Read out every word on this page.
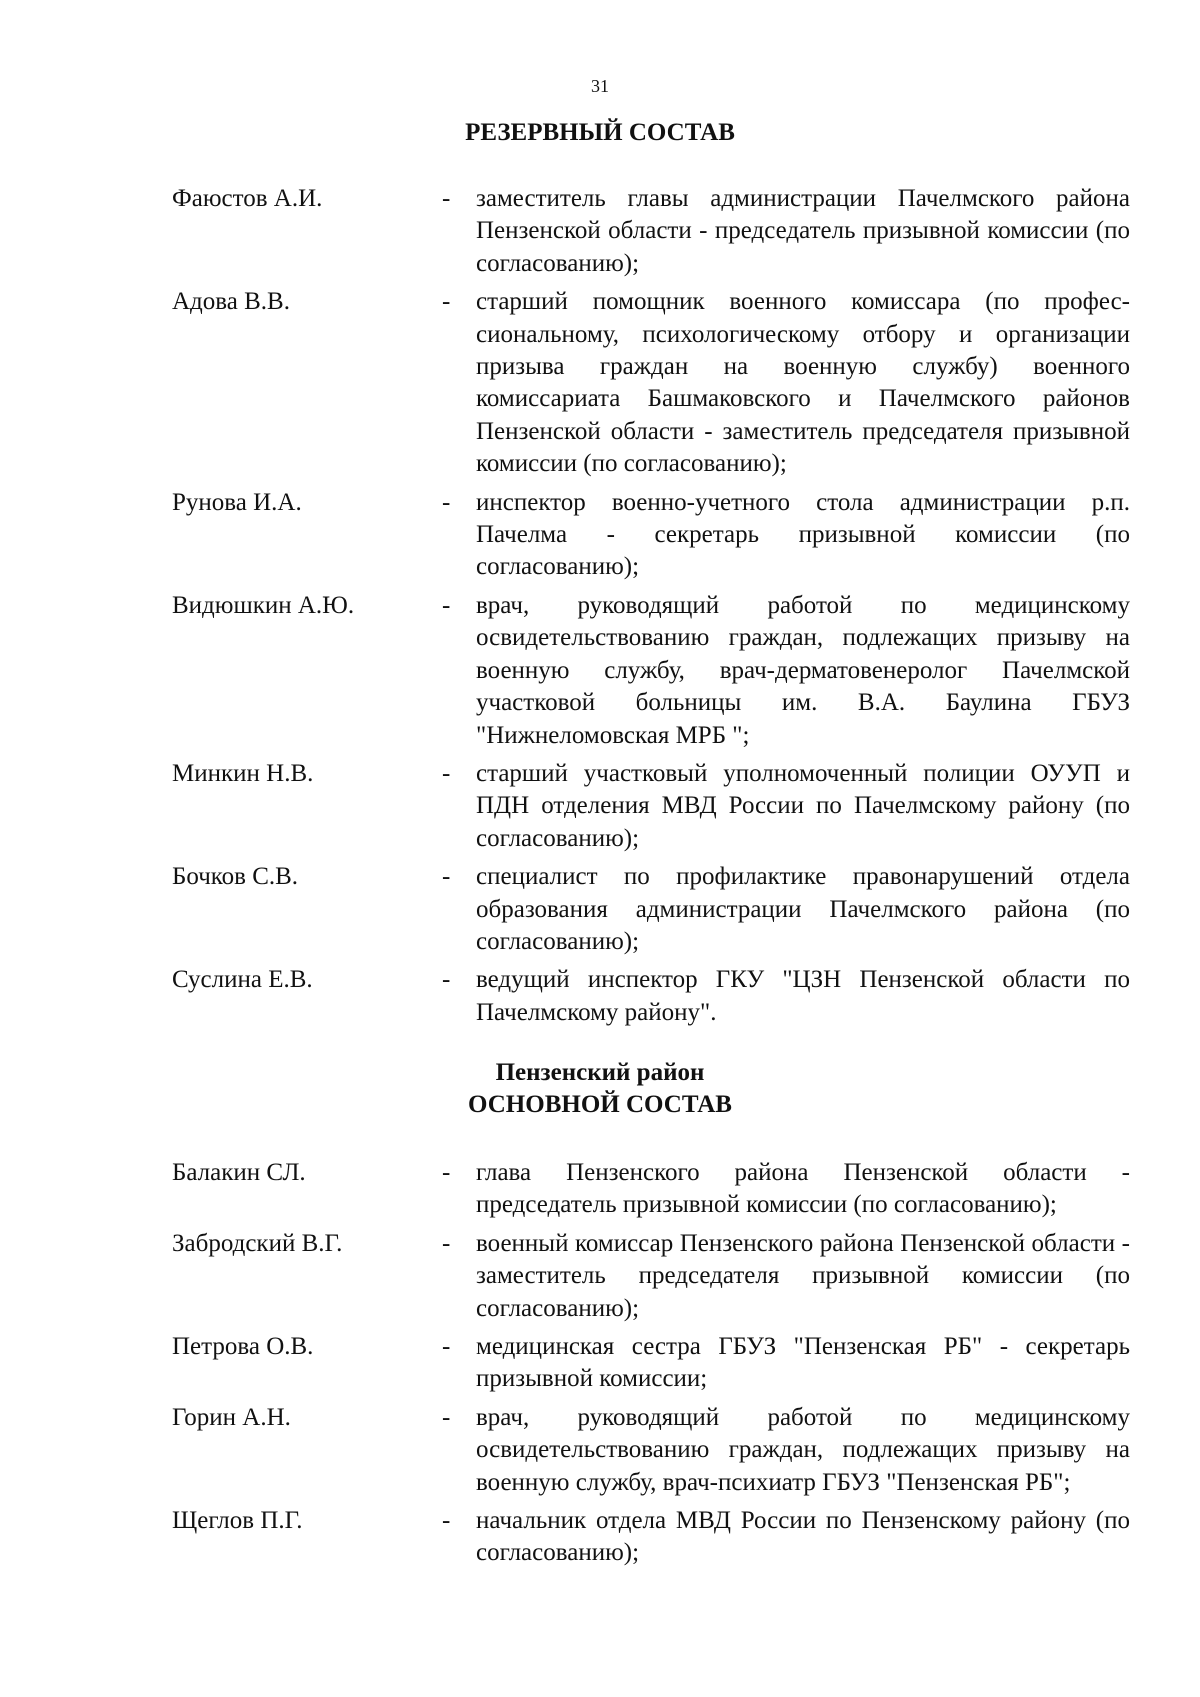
31
РЕЗЕРВНЫЙ СОСТАВ
Фаюстов А.И.	-	заместитель главы администрации Пачелмского района Пензенской области - председатель призывной комиссии (по согласованию);
Адова В.В.	-	старший помощник военного комиссара (по профессиональному, психологическому отбору и организации призыва граждан на военную службу) военного комиссариата Башмаковского и Пачелмского районов Пензенской области - заместитель председателя призывной комиссии (по согласованию);
Рунова И.А.	-	инспектор военно-учетного стола администрации р.п. Пачелма - секретарь призывной комиссии (по согласованию);
Видюшкин А.Ю.	-	врач, руководящий работой по медицинскому освидетельствованию граждан, подлежащих призыву на военную службу, врач-дерматовенеролог Пачелмской участковой больницы им. В.А. Баулина ГБУЗ "Нижнеломовская МРБ ";
Минкин Н.В.	-	старший участковый уполномоченный полиции ОУУП и ПДН отделения МВД России по Пачелмскому району (по согласованию);
Бочков С.В.	-	специалист по профилактике правонарушений отдела образования администрации Пачелмского района (по согласованию);
Суслина Е.В.	-	ведущий инспектор ГКУ "ЦЗН Пензенской области по Пачелмскому району".
Пензенский район
ОСНОВНОЙ СОСТАВ
Балакин СЛ.	-	глава Пензенского района Пензенской области - председатель призывной комиссии (по согласованию);
Забродский В.Г.	-	военный комиссар Пензенского района Пензенской области - заместитель председателя призывной комиссии (по согласованию);
Петрова О.В.	-	медицинская сестра ГБУЗ "Пензенская РБ" - секретарь призывной комиссии;
Горин А.Н.	-	врач, руководящий работой по медицинскому освидетельствованию граждан, подлежащих призыву на военную службу, врач-психиатр ГБУЗ "Пензенская РБ";
Щеглов П.Г.	-	начальник отдела МВД России по Пензенскому району (по согласованию);
